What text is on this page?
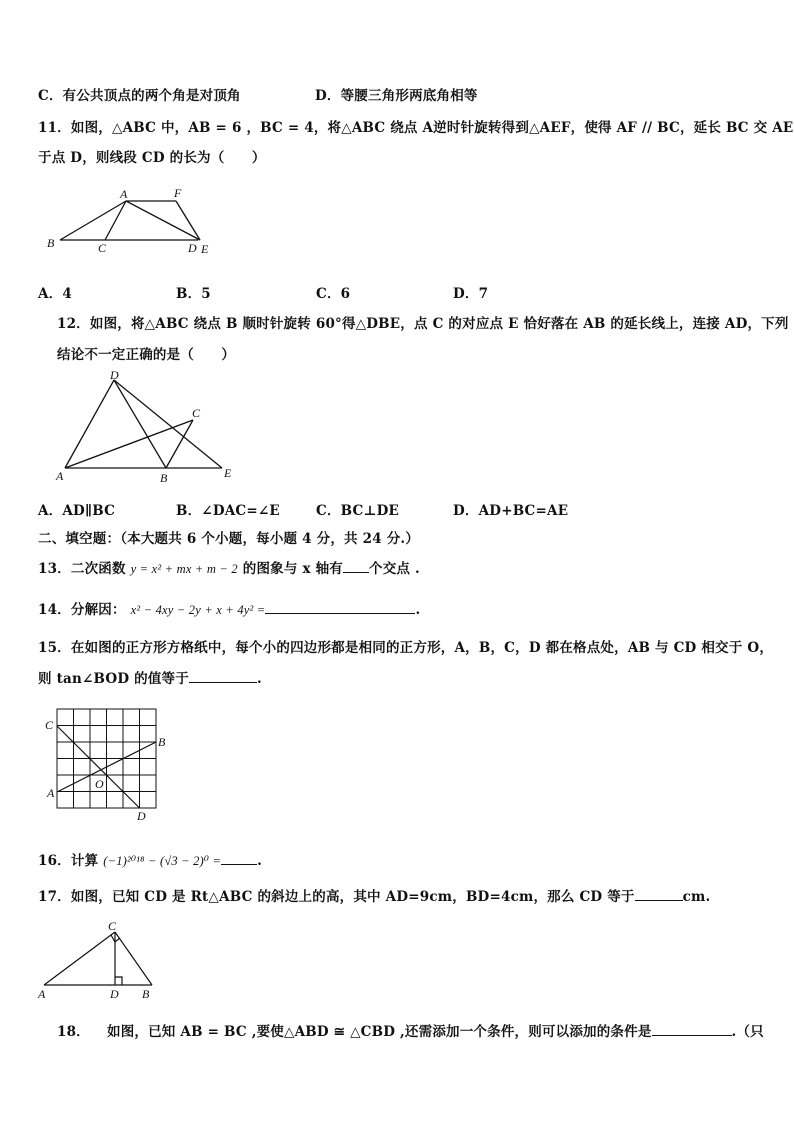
C．有公共顶点的两个角是对顶角	D．等腰三角形两底角相等
11．如图，△ABC 中，AB = 6 ，BC = 4，将△ABC 绕点 A逆时针旋转得到△AEF，使得 AF // BC，延长 BC 交 AE
于点 D，则线段 CD 的长为（　　）
A	F
B	C	D E
A．4	B．5	C．6	D．7
12．如图，将△ABC 绕点 B 顺时针旋转 60°得△DBE，点 C 的对应点 E 恰好落在 AB 的延长线上，连接 AD，下列
结论不一定正确的是（　　）
D
C
A	B	E
A．AD∥BC	B．∠DAC=∠E	C．BC⊥DE	D．AD+BC=AE
二、填空题：（本大题共 6 个小题，每小题 4 分，共 24 分.）
13．二次函数 y = x² + mx + m − 2 的图象与 x 轴有 个交点 .
14．分解因： x² − 4xy − 2y + x + 4y² =	.
15．在如图的正方形方格纸中，每个小的四边形都是相同的正方形，A，B，C，D 都在格点处，AB 与 CD 相交于 O，
则 tan∠BOD 的值等于	.
C
B
A
O
D
16．计算 (−1)²⁰¹⁸ − (√3 − 2)⁰ =	.
17．如图，已知 CD 是 Rt△ABC 的斜边上的高，其中 AD=9cm，BD=4cm，那么 CD 等于	cm.
C
A	D B
18． 如图，已知 AB = BC ,要使△ABD ≅ △CBD ,还需添加一个条件，则可以添加的条件是	.（只
